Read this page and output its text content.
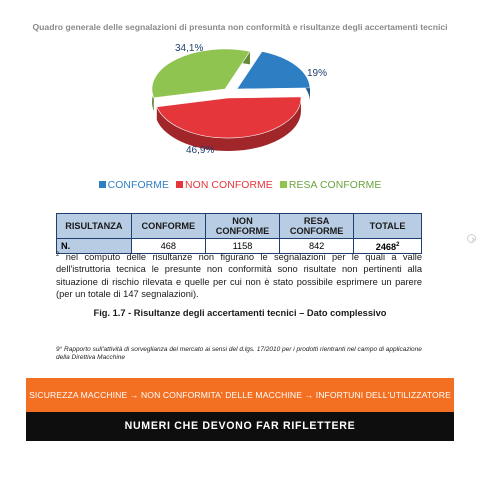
Quadro generale delle segnalazioni di presunta non conformità e risultanze degli accertamenti tecnici
19%
46,9%
34,1%
CONFORME NON CONFORME RESA CONFORME
RISULTANZA	CONFORME	NON CONFORME	RESA CONFORME	TOTALE
N.	468	1158	842	2468$^2$
$^2$ nel computo delle risultanze non figurano le segnalazioni per le quali a valle dell'istruttoria tecnica le presunte non conformità sono risultate non pertinenti alla situazione di rischio rilevata e quelle per cui non è stato possibile esprimere un parere (per un totale di 147 segnalazioni).
Fig. 1.7 - Risultanze degli accertamenti tecnici – Dato complessivo
9° Rapporto sull'attività di sorveglianza del mercato ai sensi del d.lgs. 17/2010 per i prodotti rientranti nel campo di applicazione della Direttiva Macchine
SICUREZZA MACCHINE → NON CONFORMITA' DELLE MACCHINE → INFORTUNI DELL'UTILIZZATORE
NUMERI CHE DEVONO FAR RIFLETTERE
